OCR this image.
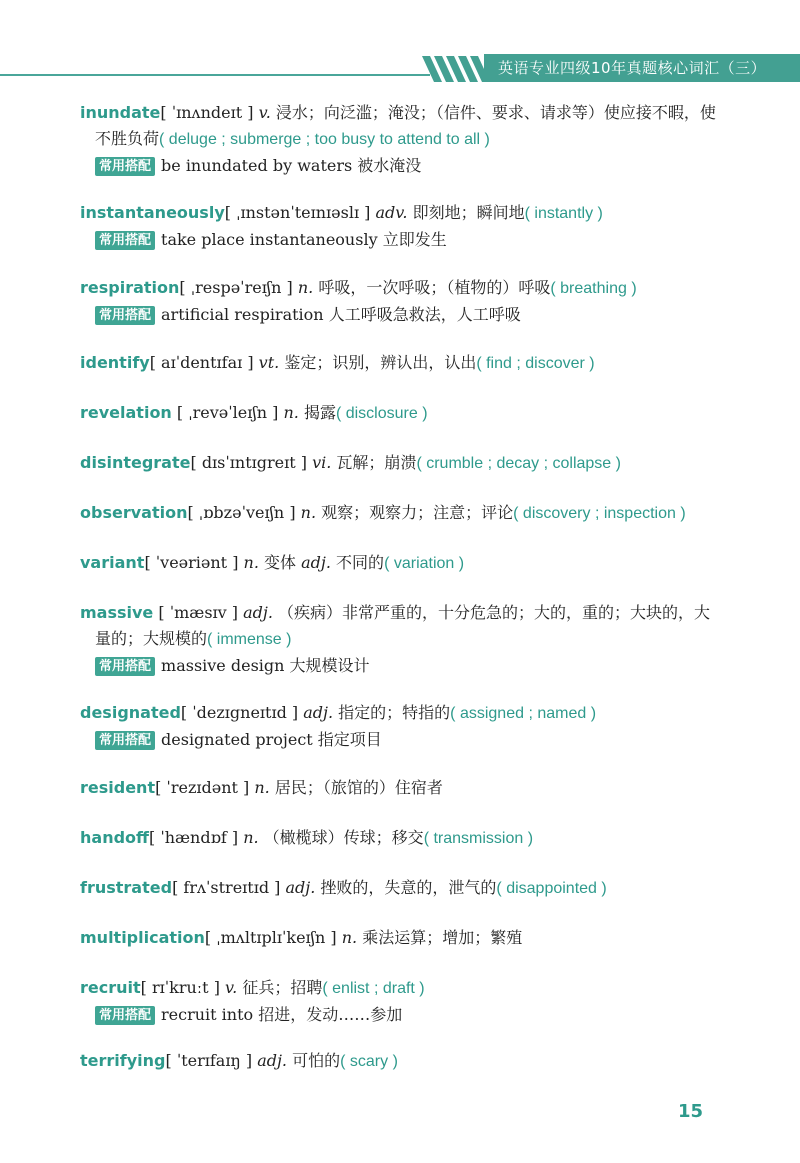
英语专业四级10年真题核心词汇（三）
inundate[ ˈɪnʌndeɪt ] v. 浸水；向泛滥；淹没；（信件、要求、请求等）使应接不暇，使
不胜负荷( deluge ; submerge ; too busy to attend to all )
常用搭配 be inundated by waters 被水淹没
instantaneously[ ˌɪnstənˈteɪnɪəslɪ ] adv. 即刻地；瞬间地( instantly )
常用搭配 take place instantaneously 立即发生
respiration[ ˌrespəˈreɪʃn ] n. 呼吸，一次呼吸；（植物的）呼吸( breathing )
常用搭配 artificial respiration 人工呼吸急救法，人工呼吸
identify[ aɪˈdentɪfaɪ ] vt. 鉴定；识别，辨认出，认出( find ; discover )
revelation [ ˌrevəˈleɪʃn ] n. 揭露( disclosure )
disintegrate[ dɪsˈɪntɪgreɪt ] vi. 瓦解；崩溃( crumble ; decay ; collapse )
observation[ ˌɒbzəˈveɪʃn ] n. 观察；观察力；注意；评论( discovery ; inspection )
variant[ ˈveəriənt ] n. 变体 adj. 不同的( variation )
massive [ ˈmæsɪv ] adj. （疾病）非常严重的，十分危急的；大的，重的；大块的，大
量的；大规模的( immense )
常用搭配 massive design 大规模设计
designated[ ˈdezɪgneɪtɪd ] adj. 指定的；特指的( assigned ; named )
常用搭配 designated project 指定项目
resident[ ˈrezɪdənt ] n. 居民；（旅馆的）住宿者
handoff[ ˈhændɒf ] n. （橄榄球）传球；移交( transmission )
frustrated[ frʌˈstreɪtɪd ] adj. 挫败的，失意的，泄气的( disappointed )
multiplication[ ˌmʌltɪplɪˈkeɪʃn ] n. 乘法运算；增加；繁殖
recruit[ rɪˈkruːt ] v. 征兵；招聘( enlist ; draft )
常用搭配 recruit into 招进，发动……参加
terrifying[ ˈterɪfaɪŋ ] adj. 可怕的( scary )
15
